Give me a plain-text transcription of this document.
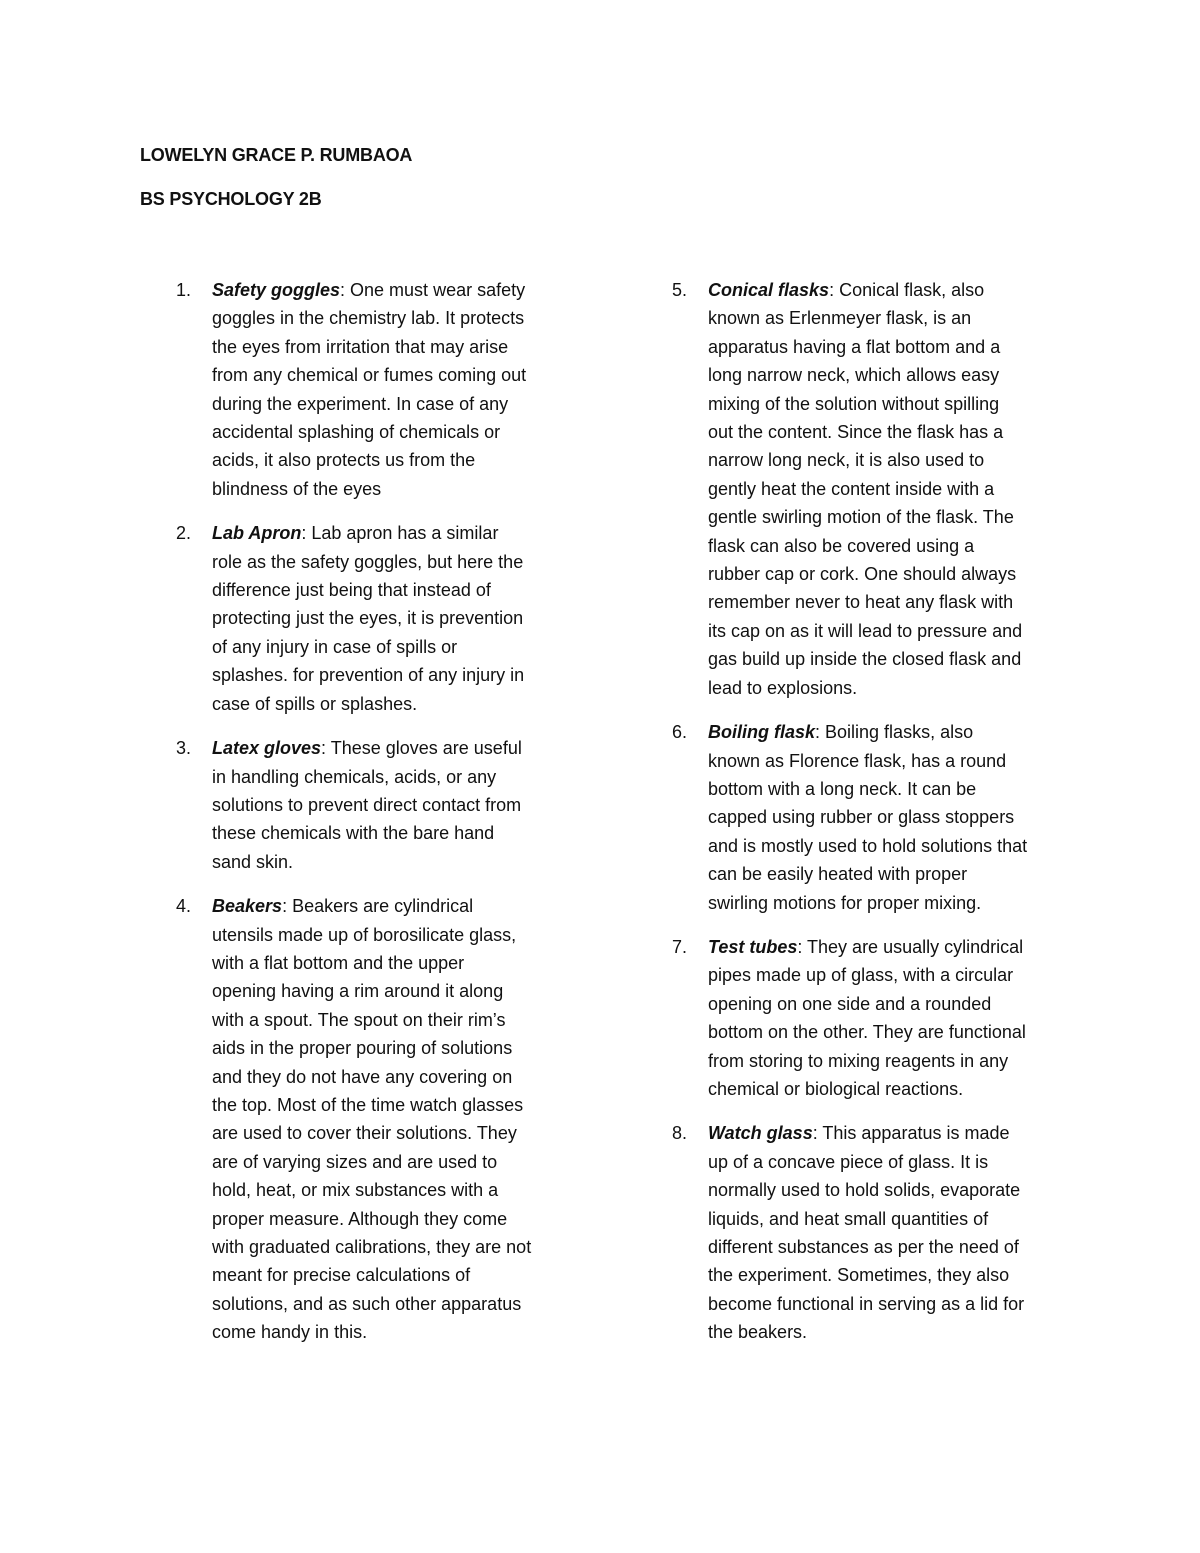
LOWELYN GRACE P. RUMBAOA

BS PSYCHOLOGY 2B

1. Safety goggles: One must wear safety goggles in the chemistry lab. It protects the eyes from irritation that may arise from any chemical or fumes coming out during the experiment. In case of any accidental splashing of chemicals or acids, it also protects us from the blindness of the eyes
2. Lab Apron: Lab apron has a similar role as the safety goggles, but here the difference just being that instead of protecting just the eyes, it is prevention of any injury in case of spills or splashes. for prevention of any injury in case of spills or splashes.
3. Latex gloves: These gloves are useful in handling chemicals, acids, or any solutions to prevent direct contact from these chemicals with the bare hand sand skin.
4. Beakers: Beakers are cylindrical utensils made up of borosilicate glass, with a flat bottom and the upper opening having a rim around it along with a spout. The spout on their rim’s aids in the proper pouring of solutions and they do not have any covering on the top. Most of the time watch glasses are used to cover their solutions. They are of varying sizes and are used to hold, heat, or mix substances with a proper measure. Although they come with graduated calibrations, they are not meant for precise calculations of solutions, and as such other apparatus come handy in this.
5. Conical flasks: Conical flask, also known as Erlenmeyer flask, is an apparatus having a flat bottom and a long narrow neck, which allows easy mixing of the solution without spilling out the content. Since the flask has a narrow long neck, it is also used to gently heat the content inside with a gentle swirling motion of the flask. The flask can also be covered using a rubber cap or cork. One should always remember never to heat any flask with its cap on as it will lead to pressure and gas build up inside the closed flask and lead to explosions.
6. Boiling flask: Boiling flasks, also known as Florence flask, has a round bottom with a long neck. It can be capped using rubber or glass stoppers and is mostly used to hold solutions that can be easily heated with proper swirling motions for proper mixing.
7. Test tubes: They are usually cylindrical pipes made up of glass, with a circular opening on one side and a rounded bottom on the other. They are functional from storing to mixing reagents in any chemical or biological reactions.
8. Watch glass: This apparatus is made up of a concave piece of glass. It is normally used to hold solids, evaporate liquids, and heat small quantities of different substances as per the need of the experiment. Sometimes, they also become functional in serving as a lid for the beakers.
